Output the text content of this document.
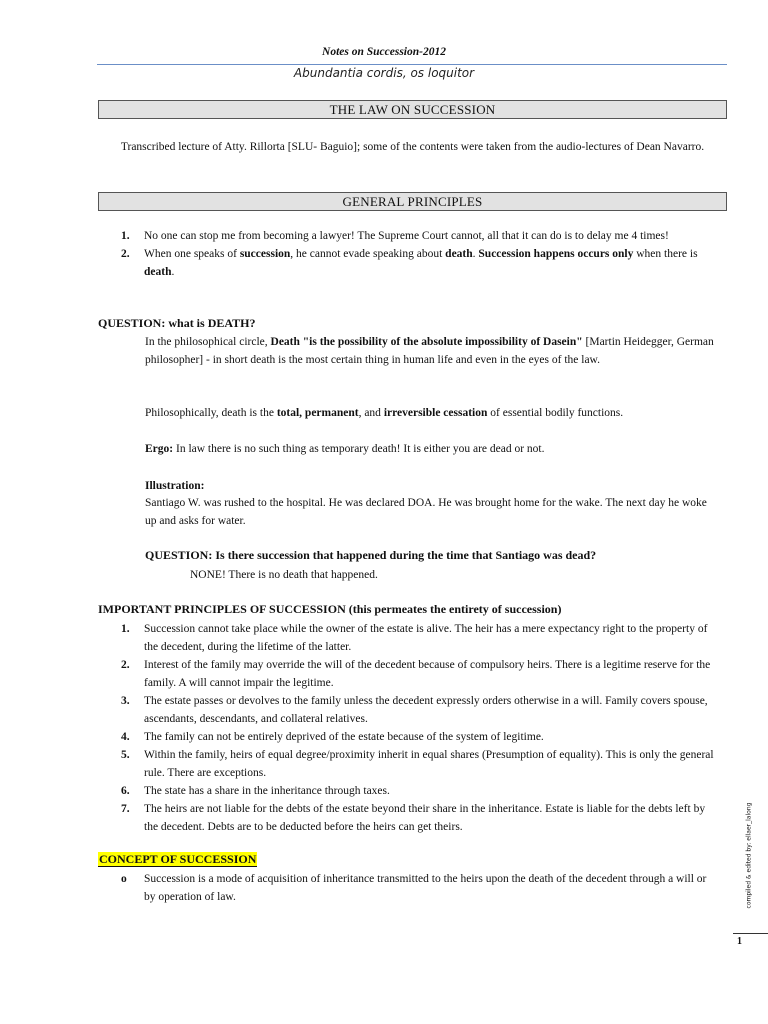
Notes on Succession-2012
Abundantia cordis, os loquitor
THE LAW ON SUCCESSION
Transcribed lecture of Atty. Rillorta [SLU- Baguio]; some of the contents were taken from the audio-lectures of Dean Navarro.
GENERAL PRINCIPLES
1. No one can stop me from becoming a lawyer! The Supreme Court cannot, all that it can do is to delay me 4 times!
2. When one speaks of succession, he cannot evade speaking about death. Succession happens occurs only when there is death.
QUESTION: what is DEATH?
In the philosophical circle, Death "is the possibility of the absolute impossibility of Dasein" [Martin Heidegger, German philosopher] - in short death is the most certain thing in human life and even in the eyes of the law.
Philosophically, death is the total, permanent, and irreversible cessation of essential bodily functions.
Ergo: In law there is no such thing as temporary death! It is either you are dead or not.
Illustration:
Santiago W. was rushed to the hospital. He was declared DOA. He was brought home for the wake. The next day he woke up and asks for water.
QUESTION: Is there succession that happened during the time that Santiago was dead?
NONE! There is no death that happened.
IMPORTANT PRINCIPLES OF SUCCESSION (this permeates the entirety of succession)
1. Succession cannot take place while the owner of the estate is alive. The heir has a mere expectancy right to the property of the decedent, during the lifetime of the latter.
2. Interest of the family may override the will of the decedent because of compulsory heirs. There is a legitime reserve for the family. A will cannot impair the legitime.
3. The estate passes or devolves to the family unless the decedent expressly orders otherwise in a will. Family covers spouse, ascendants, descendants, and collateral relatives.
4. The family can not be entirely deprived of the estate because of the system of legitime.
5. Within the family, heirs of equal degree/proximity inherit in equal shares (Presumption of equality). This is only the general rule. There are exceptions.
6. The state has a share in the inheritance through taxes.
7. The heirs are not liable for the debts of the estate beyond their share in the inheritance. Estate is liable for the debts left by the decedent. Debts are to be deducted before the heirs can get theirs.
CONCEPT OF SUCCESSION
o Succession is a mode of acquisition of inheritance transmitted to the heirs upon the death of the decedent through a will or by operation of law.	compiled & edited by: ellaer_lalong
1
